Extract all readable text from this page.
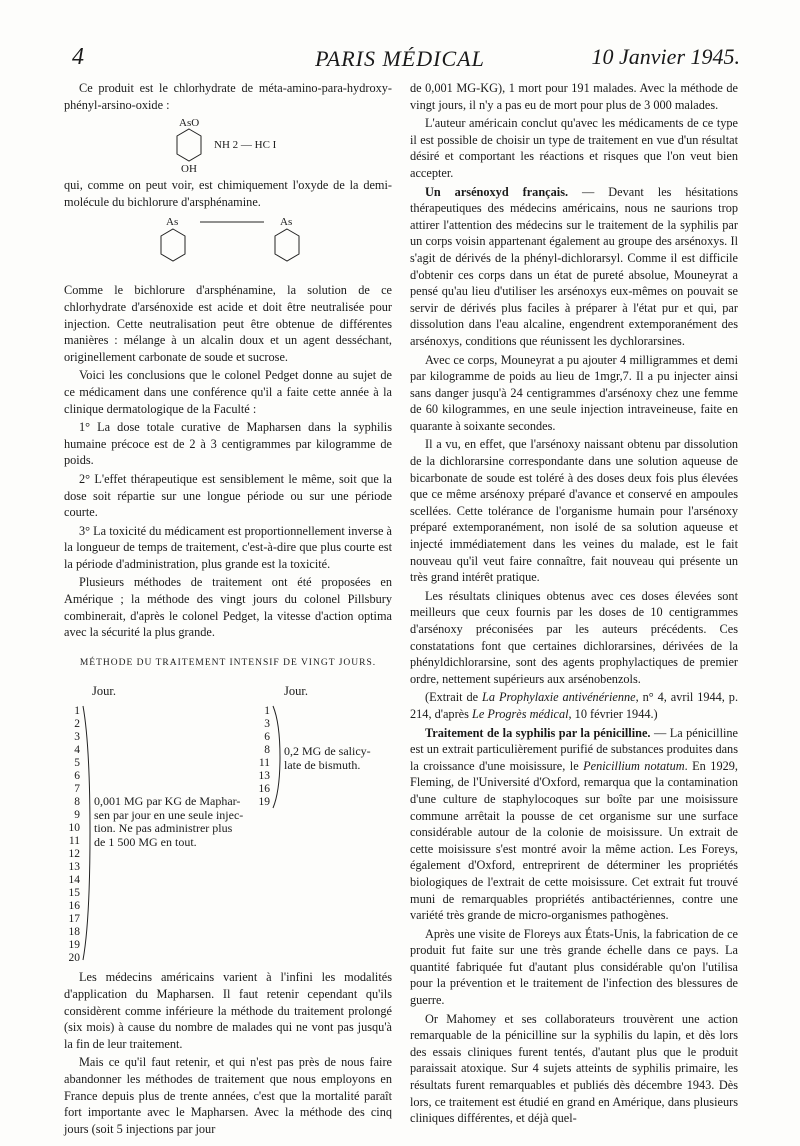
4	PARIS MÉDICAL	10 Janvier 1945.

Ce produit est le chlorhydrate de méta-amino-para-hydroxy-phényl-arsino-oxide :

AsO
NH 2 — HC I
OH

qui, comme on peut voir, est chimiquement l'oxyde de la demi-molécule du bichlorure d'arsphénamine.

As	As

Comme le bichlorure d'arsphénamine, la solution de ce chlorhydrate d'arsénoxide est acide et doit être neutralisée pour injection. Cette neutralisation peut être obtenue de différentes manières : mélange à un alcalin doux et un agent desséchant, originellement carbonate de soude et sucrose.

Voici les conclusions que le colonel Pedget donne au sujet de ce médicament dans une conférence qu'il a faite cette année à la clinique dermatologique de la Faculté :

1° La dose totale curative de Mapharsen dans la syphilis humaine précoce est de 2 à 3 centigrammes par kilogramme de poids.

2° L'effet thérapeutique est sensiblement le même, soit que la dose soit répartie sur une longue période ou sur une période courte.

3° La toxicité du médicament est proportionnellement inverse à la longueur de temps de traitement, c'est-à-dire que plus courte est la période d'administration, plus grande est la toxicité.

Plusieurs méthodes de traitement ont été proposées en Amérique ; la méthode des vingt jours du colonel Pillsbury combinerait, d'après le colonel Pedget, la vitesse d'action optima avec la sécurité la plus grande.

MÉTHODE DU TRAITEMENT INTENSIF DE VINGT JOURS.

Jour.	Jour.
1
2
3
4
5
6
7
8
9
10
11
12
13
14
15
16
17
18
19
20
0,001 MG par KG de Maphar-sen par jour en une seule injec-tion. Ne pas administrer plus de 1 500 MG en tout.
1
3
6
8
11
13
16
19
0,2 MG de salicy-late de bismuth.

Les médecins américains varient à l'infini les modalités d'application du Mapharsen. Il faut retenir cependant qu'ils considèrent comme inférieure la méthode du traitement prolongé (six mois) à cause du nombre de malades qui ne vont pas jusqu'à la fin de leur traitement.

Mais ce qu'il faut retenir, et qui n'est pas près de nous faire abandonner les méthodes de traitement que nous employons en France depuis plus de trente années, c'est que la mortalité paraît fort importante avec le Mapharsen. Avec la méthode des cinq jours (soit 5 injections par jour

de 0,001 MG-KG), 1 mort pour 191 malades. Avec la méthode de vingt jours, il n'y a pas eu de mort pour plus de 3 000 malades.

L'auteur américain conclut qu'avec les médicaments de ce type il est possible de choisir un type de traitement en vue d'un résultat désiré et comportant les réactions et risques que l'on veut bien accepter.

Un arsénoxyd français. — Devant les hésitations thérapeutiques des médecins américains, nous ne saurions trop attirer l'attention des médecins sur le traitement de la syphilis par un corps voisin appartenant également au groupe des arsénoxys. Il s'agit de dérivés de la phényl-dichlorarsyl. Comme il est difficile d'obtenir ces corps dans un état de pureté absolue, Mouneyrat a pensé qu'au lieu d'utiliser les arsénoxys eux-mêmes on pouvait se servir de dérivés plus faciles à préparer à l'état pur et qui, par dissolution dans l'eau alcaline, engendrent extemporanément des arsénoxys, conditions que réunissent les dychlorarsines.

Avec ce corps, Mouneyrat a pu ajouter 4 milligrammes et demi par kilogramme de poids au lieu de 1mgr,7. Il a pu injecter ainsi sans danger jusqu'à 24 centigrammes d'arsénoxy chez une femme de 60 kilogrammes, en une seule injection intraveineuse, faite en quarante à soixante secondes.

Il a vu, en effet, que l'arsénoxy naissant obtenu par dissolution de la dichlorarsine correspondante dans une solution aqueuse de bicarbonate de soude est toléré à des doses deux fois plus élevées que ce même arsénoxy préparé d'avance et conservé en ampoules scellées. Cette tolérance de l'organisme humain pour l'arsénoxy préparé extemporanément, non isolé de sa solution aqueuse et injecté immédiatement dans les veines du malade, est le fait nouveau qu'il veut faire connaître, fait nouveau qui présente un très grand intérêt pratique.

Les résultats cliniques obtenus avec ces doses élevées sont meilleurs que ceux fournis par les doses de 10 centigrammes d'arsénoxy préconisées par les auteurs précédents. Ces constatations font que certaines dichlorarsines, dérivées de la phényldichlorarsine, sont des agents prophylactiques de premier ordre, nettement supérieurs aux arsénobenzols.

(Extrait de La Prophylaxie antivénérienne, n° 4, avril 1944, p. 214, d'après Le Progrès médical, 10 février 1944.)

Traitement de la syphilis par la pénicilline. — La pénicilline est un extrait particulièrement purifié de substances produites dans la croissance d'une moisissure, le Penicillium notatum. En 1929, Fleming, de l'Université d'Oxford, remarqua que la contamination d'une culture de staphylocoques sur boîte par une moisissure commune arrêtait la pousse de cet organisme sur une surface considérable autour de la colonie de moisissure. Un extrait de cette moisissure s'est montré avoir la même action. Les Foreys, également d'Oxford, entreprirent de déterminer les propriétés biologiques de l'extrait de cette moisissure. Cet extrait fut trouvé muni de remarquables propriétés antibactériennes, contre une variété très grande de micro-organismes pathogènes.

Après une visite de Floreys aux États-Unis, la fabrication de ce produit fut faite sur une très grande échelle dans ce pays. La quantité fabriquée fut d'autant plus considérable qu'on l'utilisa pour la prévention et le traitement de l'infection des blessures de guerre.

Or Mahomey et ses collaborateurs trouvèrent une action remarquable de la pénicilline sur la syphilis du lapin, et dès lors des essais cliniques furent tentés, d'autant plus que le produit paraissait atoxique. Sur 4 sujets atteints de syphilis primaire, les résultats furent remarquables et publiés dès décembre 1943. Dès lors, ce traitement est étudié en grand en Amérique, dans plusieurs cliniques différentes, et déjà quel-
